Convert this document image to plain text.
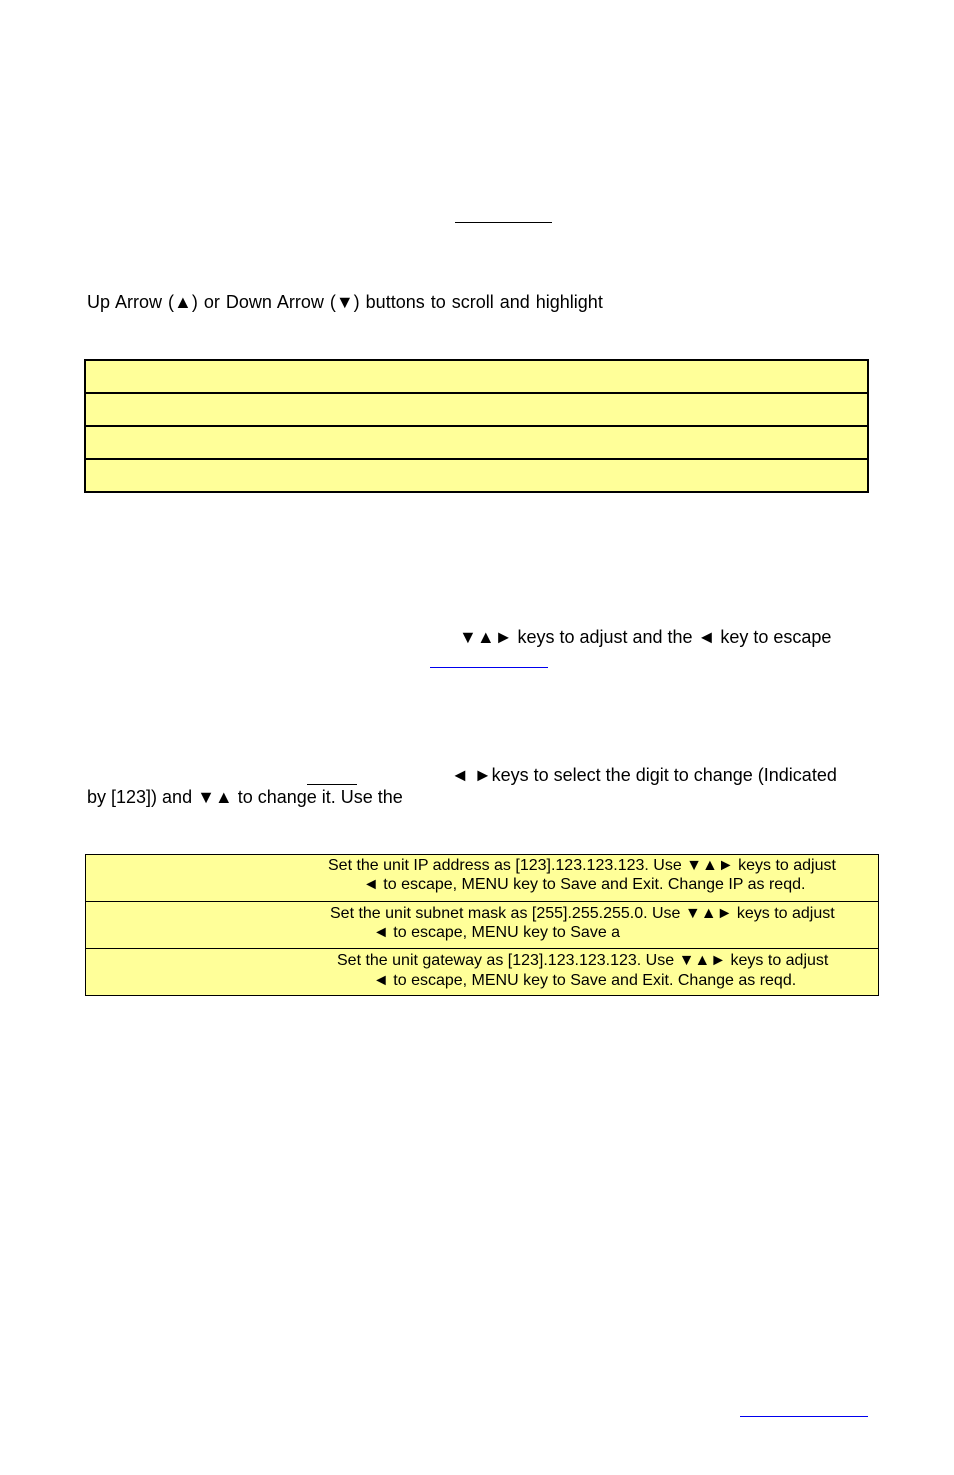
Up Arrow (▲) or Down Arrow (▼) buttons to scroll and highlight
▼▲► keys to adjust and the ◄ key to escape
◄ ►keys to select the digit to change (Indicated
by [123]) and ▼▲ to change it. Use the
Set the unit IP address as [123].123.123.123. Use ▼▲► keys to adjust
◄ to escape, MENU key to Save and Exit. Change IP as reqd.
Set the unit subnet mask as [255].255.255.0. Use ▼▲► keys to adjust
◄ to escape, MENU key to Save a
Set the unit gateway as [123].123.123.123. Use ▼▲► keys to adjust
◄ to escape, MENU key to Save and Exit. Change as reqd.
